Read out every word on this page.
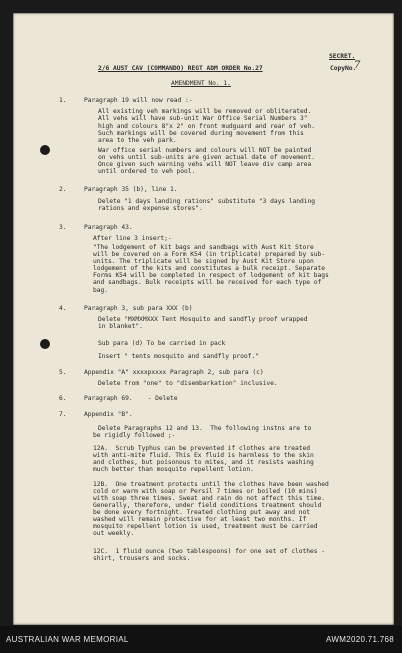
SECRET.
2/6 AUST CAV (COMMANDO) REGT ADM ORDER No.27	CopyNo.
7
AMENDMENT No. 1.
1.	Paragraph 19 will now read :-
All existing veh markings will be removed or obliterated.
All vehs will have sub-unit War Office Serial Numbers 3"
high and colours 8"x 2" on front mudguard and rear of veh.
Such markings will be covered during movement from this
area to the veh park.
War office serial numbers and colours will NOT be painted
on vehs until sub-units are given actual date of movement.
Once given such warning vehs will NOT leave div camp area
until ordered to veh pool.
2.	Paragraph 35 (b), line 1.
Delete "1 days landing rations" substitute "3 days landing
rations and expense stores".
3.	Paragraph 43.
After line 3 insert;-
"The lodgement of kit bags and sandbags with Aust Kit Store
will be covered on a Form K54 (in triplicate) prepared by sub-
units. The triplicate will be signed by Aust Kit Store upon
lodgement of the kits and constitutes a bulk receipt. Separate
Forms K54 will be completed in respect of lodgement of kit bags
and sandbags. Bulk receipts will be received for each type of
bag.
4.	Paragraph 3, sub para XXX (b)
Delete "MXMXMXXX Tent Mosquito and sandfly proof wrapped
in blanket".
Sub para (d) To be carried in pack
Insert " tents mosquito and sandfly proof."
5.	Appendix "A" xxxxpxxxx Paragraph 2, sub para (c)
Delete from "one" to "disembarkation" inclusive.
6.	Paragraph 69.    - Delete
7.	Appendix "B".
Delete Paragraphs 12 and 13.  The following instns are to
be rigidly followed ;-
12A.  Scrub Typhus can be prevented if clothes are treated
with anti-mite fluid. This Ex fluid is harmless to the skin
and clothes, but poisonous to mites, and it resists washing
much better than mosquito repellent lotion.
12B.  One treatment protects until the clothes have been washed
cold or warm with soap or Persil 7 times or boiled (10 mins)
with soap three times. Sweat and rain do not affect this time.
Generally, therefore, under field conditions treatment should
be done every fortnight. Treated clothing put away and not
washed will remain protective for at least two months. If
mosquito repellent lotion is used, treatment must be carried
out weekly.
12C.  1 fluid ounce (two tablespoons) for one set of clothes -
shirt, trousers and socks.
AUSTRALIAN WAR MEMORIAL	AWM2020.71.768
